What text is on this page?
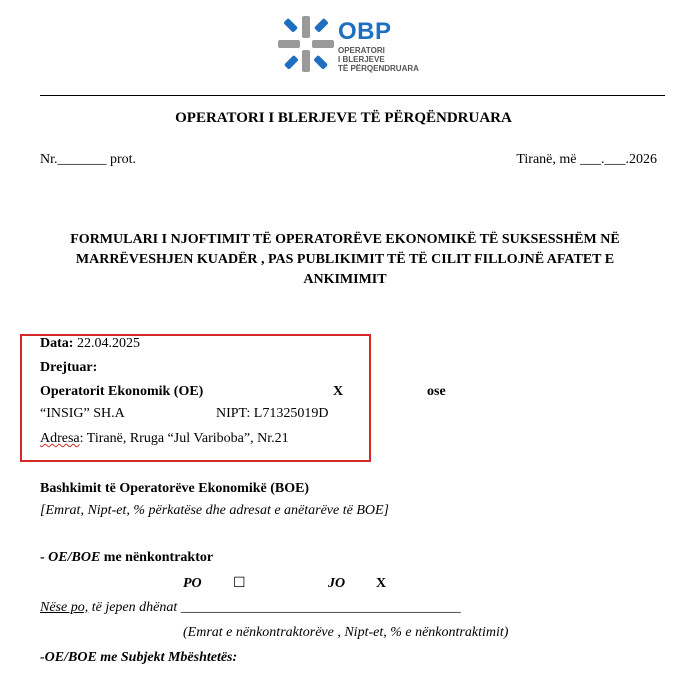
OBP
OPERATORI
I BLERJEVE
TË PËRQENDRUARA
OPERATORI I BLERJEVE TË PËRQËNDRUARA
Nr._______ prot.	Tiranë, më ___.___.2026
FORMULARI I NJOFTIMIT TË OPERATORËVE EKONOMIKË TË SUKSESSHËM NË
MARRËVESHJEN KUADËR , PAS PUBLIKIMIT TË TË CILIT FILLOJNË AFATET E
ANKIMIMIT
Data: 22.04.2025
Drejtuar:
Operatorit Ekonomik (OE)	X	ose
“INSIG” SH.A	NIPT: L71325019D
Adresa: Tiranë, Rruga “Jul Variboba”, Nr.21
Bashkimit të Operatorëve Ekonomikë (BOE)
[Emrat, Nipt-et, % përkatëse dhe adresat e anëtarëve të BOE]
- OE/BOE me nënkontraktor
PO ☐	JO X
Nëse po, të jepen dhënat ________________________________________
(Emrat e nënkontraktorëve , Nipt-et, % e nënkontraktimit)
-OE/BOE me Subjekt Mbështetës:
